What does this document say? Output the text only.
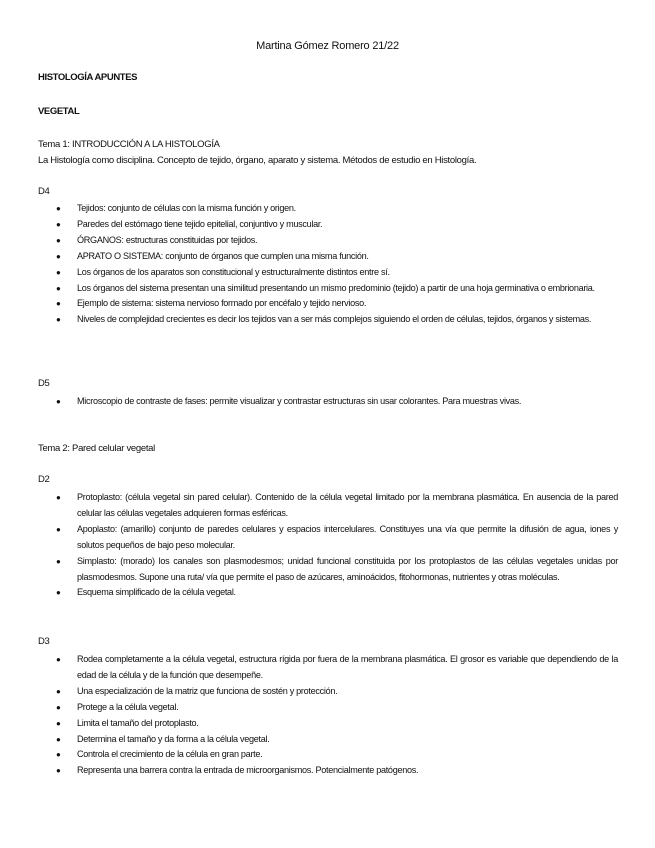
Martina Gómez Romero 21/22
HISTOLOGÍA APUNTES
VEGETAL

Tema 1: INTRODUCCIÓN A LA HISTOLOGÍA

La Histología como disciplina. Concepto de tejido, órgano, aparato y sistema. Métodos de estudio en Histología.

D4
● Tejidos: conjunto de células con la misma función y origen.
● Paredes del estómago tiene tejido epitelial, conjuntivo y muscular.
● ÓRGANOS: estructuras constituidas por tejidos.
● APRATO O SISTEMA: conjunto de órganos que cumplen una misma función.
● Los órganos de los aparatos son constitucional y estructuralmente distintos entre sí.
● Los órganos del sistema presentan una similitud presentando un mismo predominio (tejido) a partir de una hoja germinativa o embrionaria.
● Ejemplo de sistema: sistema nervioso formado por encéfalo y tejido nervioso.
● Niveles de complejidad crecientes es decir los tejidos van a ser más complejos siguiendo el orden de células, tejidos, órganos y sistemas.
D5
● Microscopio de contraste de fases: permite visualizar y contrastar estructuras sin usar colorantes. Para muestras vivas.
Tema 2: Pared celular vegetal
D2
● Protoplasto: (célula vegetal sin pared celular). Contenido de la célula vegetal limitado por la membrana plasmática. En ausencia de la pared celular las células vegetales adquieren formas esféricas.
● Apoplasto: (amarillo) conjunto de paredes celulares y espacios intercelulares. Constituyes una vía que permite la difusión de agua, iones y solutos pequeños de bajo peso molecular.
● Simplasto: (morado) los canales son plasmodesmos; unidad funcional constituida por los protoplastos de las células vegetales unidas por plasmodesmos. Supone una ruta/ vía que permite el paso de azúcares, aminoácidos, fitohormonas, nutrientes y otras moléculas.
● Esquema simplificado de la célula vegetal.
D3
● Rodea completamente a la célula vegetal, estructura rígida por fuera de la membrana plasmática. El grosor es variable que dependiendo de la edad de la célula y de la función que desempeñe.
● Una especialización de la matriz que funciona de sostén y protección.
● Protege a la célula vegetal.
● Limita el tamaño del protoplasto.
● Determina el tamaño y da forma a la célula vegetal.
● Controla el crecimiento de la célula en gran parte.
● Representa una barrera contra la entrada de microorganismos. Potencialmente patógenos.
